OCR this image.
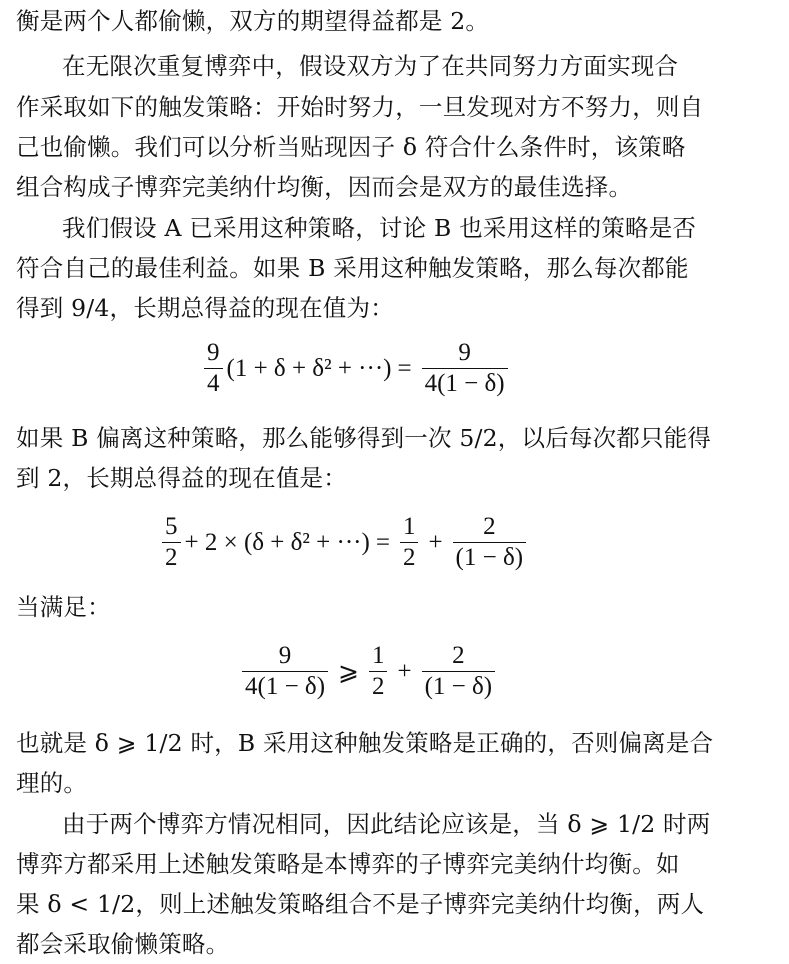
衡是两个人都偷懒，双方的期望得益都是 2。
在无限次重复博弈中，假设双方为了在共同努力方面实现合
作采取如下的触发策略：开始时努力，一旦发现对方不努力，则自
己也偷懒。我们可以分析当贴现因子 δ 符合什么条件时，该策略
组合构成子博弈完美纳什均衡，因而会是双方的最佳选择。
我们假设 A 已采用这种策略，讨论 B 也采用这样的策略是否
符合自己的最佳利益。如果 B 采用这种触发策略，那么每次都能
得到 9/4，长期总得益的现在值为：
$\frac{9}{4} (1 + \delta + \delta^2$ + ···) = $\frac{9}{4(1 - \delta)}$
如果 B 偏离这种策略，那么能够得到一次 5/2，以后每次都只能得
到 2，长期总得益的现在值是：
$\frac{5}{2} + 2 \times (\delta + \delta^2$ + ···) = $\frac{1}{2} + \frac{2}{(1 - \delta)}$
当满足：
$\frac{9}{4(1 - \delta)}$ ⩾ $\frac{1}{2} + \frac{2}{(1 - \delta)}$
也就是 δ ⩾ 1/2 时，B 采用这种触发策略是正确的，否则偏离是合
理的。
由于两个博弈方情况相同，因此结论应该是，当 δ ⩾ 1/2 时两
博弈方都采用上述触发策略是本博弈的子博弈完美纳什均衡。如
果 δ < 1/2，则上述触发策略组合不是子博弈完美纳什均衡，两人
都会采取偷懒策略。
